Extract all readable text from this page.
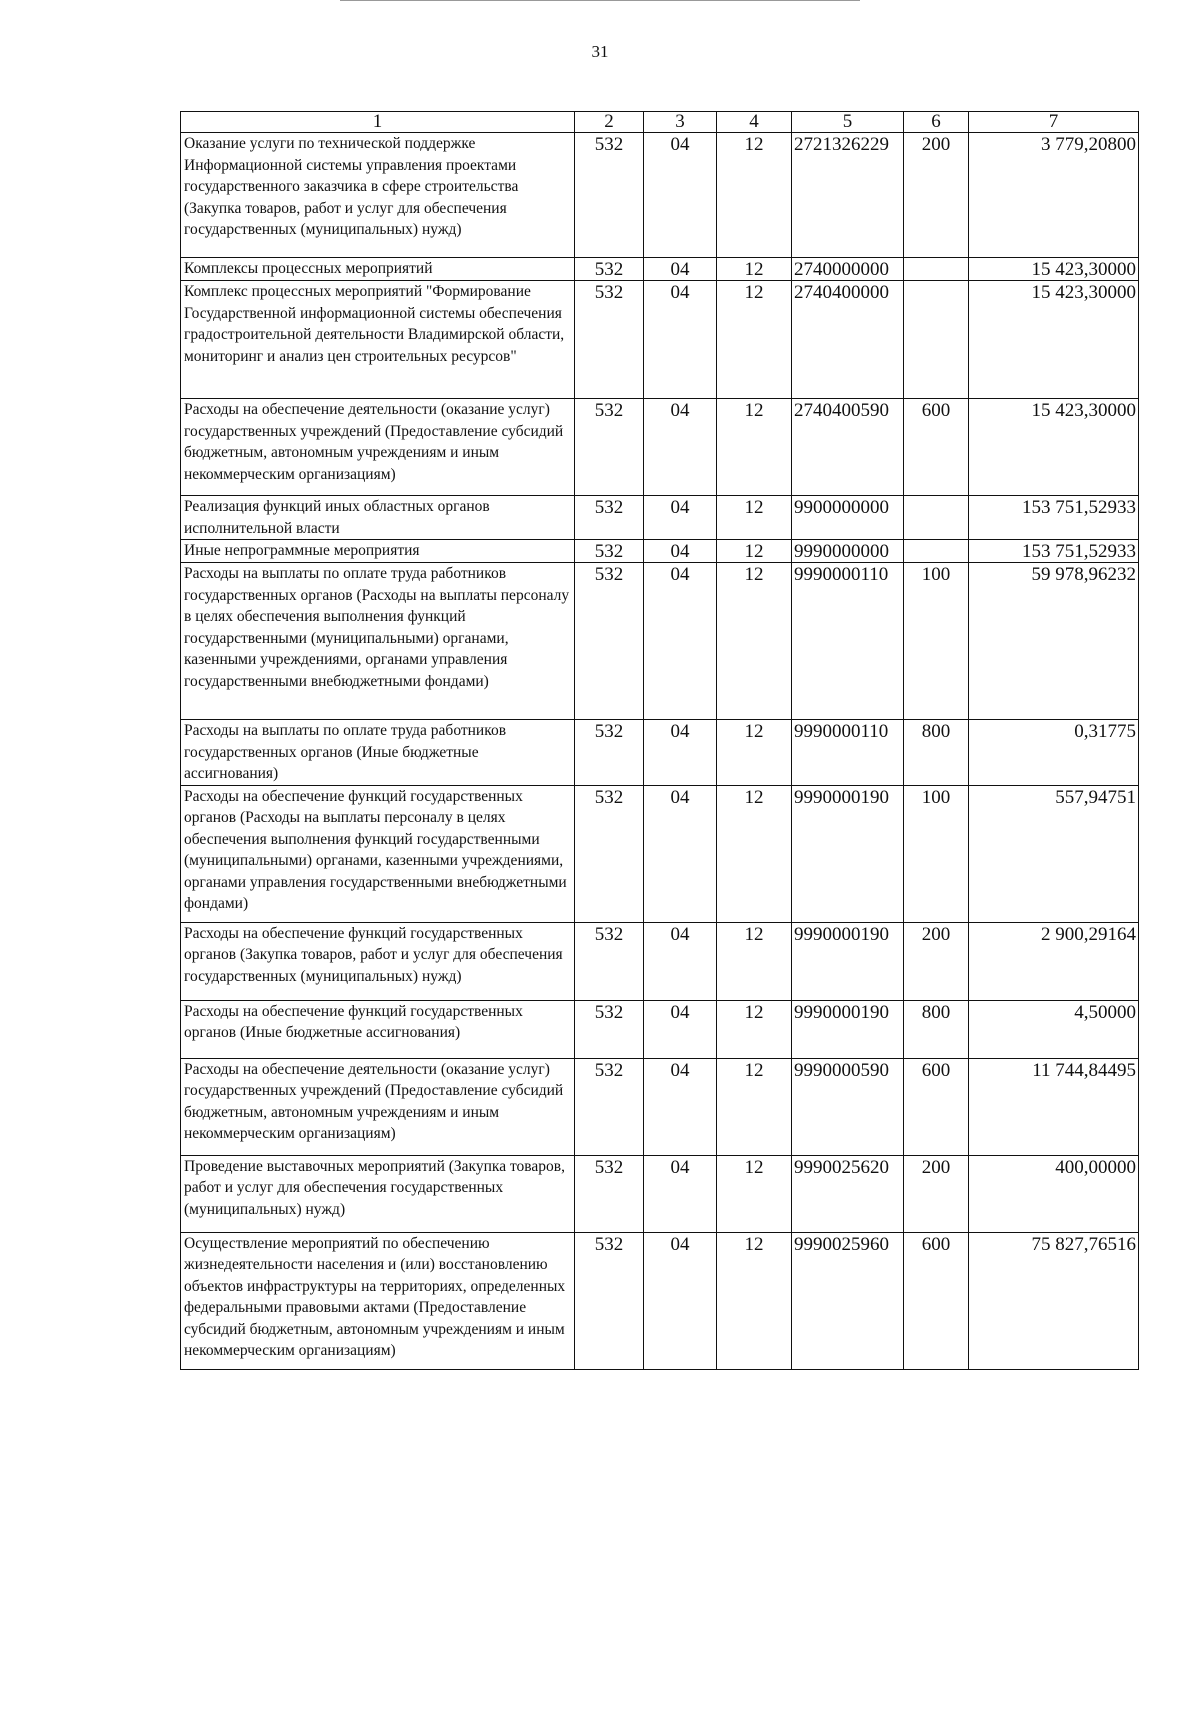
31
1	2	3	4	5	6	7
Оказание услуги по технической поддержке Информационной системы управления проектами государственного заказчика в сфере строительства (Закупка товаров, работ и услуг для обеспечения государственных (муниципальных) нужд)	532	04	12	2721326229	200	3 779,20800
Комплексы процессных мероприятий	532	04	12	2740000000		15 423,30000
Комплекс процессных мероприятий "Формирование Государственной информационной системы обеспечения градостроительной деятельности Владимирской области, мониторинг и анализ цен строительных ресурсов"	532	04	12	2740400000		15 423,30000
Расходы на обеспечение деятельности (оказание услуг) государственных учреждений (Предоставление субсидий бюджетным, автономным учреждениям и иным некоммерческим организациям)	532	04	12	2740400590	600	15 423,30000
Реализация функций иных областных органов исполнительной власти	532	04	12	9900000000		153 751,52933
Иные непрограммные мероприятия	532	04	12	9990000000		153 751,52933
Расходы на выплаты по оплате труда работников государственных органов (Расходы на выплаты персоналу в целях обеспечения выполнения функций государственными (муниципальными) органами, казенными учреждениями, органами управления государственными внебюджетными фондами)	532	04	12	9990000110	100	59 978,96232
Расходы на выплаты по оплате труда работников государственных органов (Иные бюджетные ассигнования)	532	04	12	9990000110	800	0,31775
Расходы на обеспечение функций государственных органов (Расходы на выплаты персоналу в целях обеспечения выполнения функций государственными (муниципальными) органами, казенными учреждениями, органами управления государственными внебюджетными фондами)	532	04	12	9990000190	100	557,94751
Расходы на обеспечение функций государственных органов (Закупка товаров, работ и услуг для обеспечения государственных (муниципальных) нужд)	532	04	12	9990000190	200	2 900,29164
Расходы на обеспечение функций государственных органов (Иные бюджетные ассигнования)	532	04	12	9990000190	800	4,50000
Расходы на обеспечение деятельности (оказание услуг) государственных учреждений (Предоставление субсидий бюджетным, автономным учреждениям и иным некоммерческим организациям)	532	04	12	9990000590	600	11 744,84495
Проведение выставочных мероприятий (Закупка товаров, работ и услуг для обеспечения государственных (муниципальных) нужд)	532	04	12	9990025620	200	400,00000
Осуществление мероприятий по обеспечению жизнедеятельности населения и (или) восстановлению объектов инфраструктуры на территориях, определенных федеральными правовыми актами (Предоставление субсидий бюджетным, автономным учреждениям и иным некоммерческим организациям)	532	04	12	9990025960	600	75 827,76516
